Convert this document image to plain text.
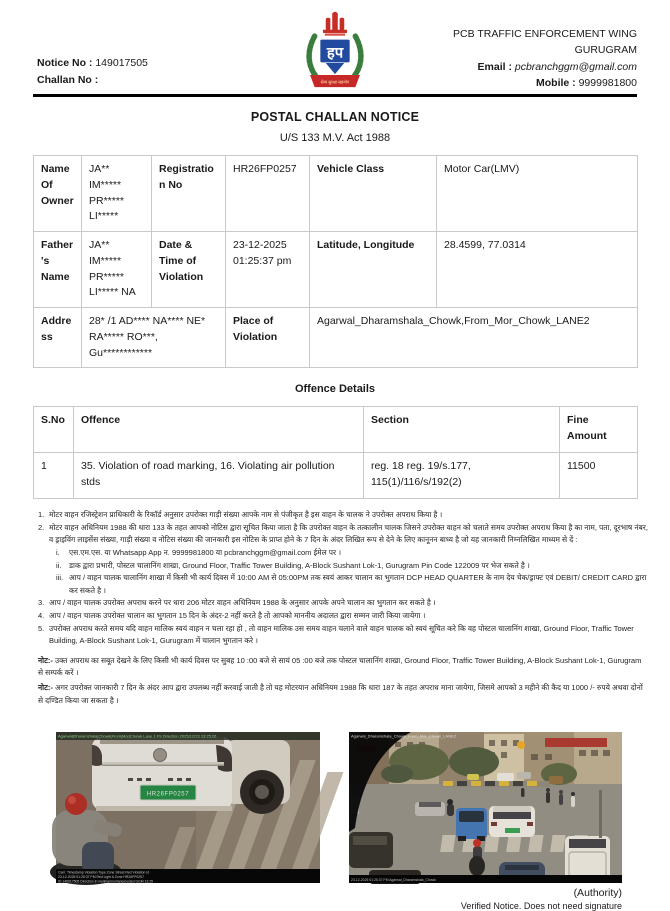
Notice No : 149017505
Challan No :
हप
सेवा सुरक्षा सहयोग
PCB TRAFFIC ENFORCEMENT WING
GURUGRAM
Email : pcbranchggm@gmail.com
Mobile : 9999981800
POSTAL CHALLAN NOTICE
U/S 133 M.V. Act 1988
Name Of Owner	JA** IM***** PR***** LI*****	Registration No	HR26FP0257	Vehicle Class	Motor Car(LMV)
Father's Name	JA** IM***** PR***** LI***** NA	Date & Time of Violation	23-12-2025 01:25:37 pm	Latitude, Longitude	28.4599, 77.0314
Address	28* /1 AD**** NA**** NE* RA***** RO***, Gu************		Place of Violation	Agarwal_Dharamshala_Chowk,From_Mor_Chowk_LANE2	
Offence Details
S.No	Offence	Section	Fine Amount
1	35. Violation of road marking, 16. Violating air pollution stds	reg. 18 reg. 19/s.177, 115(1)/116/s/192(2)	11500
1. मोटर वाहन रजिस्ट्रेशन प्राधिकारी के रिकॉर्ड अनुसार उपरोक्त गाड़ी संख्या आपके नाम से पंजीकृत है इस वाहन के चालक ने उपरोक्त अपराध किया है ।
2. मोटर वाहन अधिनियम 1988 की धारा 133 के तहत आपको नोटिस द्वारा सूचित किया जाता है कि उपरोक्त वाहन के तत्कालीन चालक जिसने उपरोक्त वाहन को चलाते समय उपरोक्त अपराध किया है का नाम, पता, दूरभाष नंबर, व ड्राइविंग लाइसेंस संख्या, गाड़ी संख्या व नोटिस संख्या की जानकारी इस नोटिस के प्राप्त होने के 7 दिन के अंदर लिखित रूप से देने के लिए कानूनन बाध्य है जो यह जानकारी निम्नलिखित माध्यम से दें :
i.	एस.एम.एस. या Whatsapp App न. 9999981800 या pcbranchggm@gmail.com ईमेल पर ।
ii.	डाक द्वारा प्रभारी, पोस्टल चालानिंग शाखा, Ground Floor, Traffic Tower Building, A-Block Sushant Lok-1, Gurugram Pin Code 122009 पर भेज सकते है ।
iii. आप / वाहन चालक चालानिंग शाखा में किसी भी कार्य दिवस में 10:00 AM से 05:00PM तक स्वयं आकर चालान का भुगतान DCP HEAD QUARTER के नाम देय चेक/ड्राफ्ट एवं DEBIT/ CREDIT CARD द्वारा कर सकते है ।
3. आप / वाहन चालक उपरोक्त अपराध करने पर धारा 206 मोटर वाहन अधिनियम 1988 के अनुसार आपके अपने चालान का भुगतान कर सकते है ।
4. आप / वाहन चालक उपरोक्त चालान का भुगतान 15 दिन के अंदर-2 नहीं करते है तो आपको माननीय अदालत द्वारा सम्मन जारी किया जायेगा ।
5. उपरोक्त अपराध करते समय यदि वाहन मालिक स्वयं वाहन न चला रहा हो , तो वाहन मालिक उस समय वाहन चलाने वाले वाहन चालक को स्वयं सूचित करे कि वह पोस्टल चालानिंग शाखा, Ground Floor, Traffic Tower Building, A-Block Sushant Lok-1, Gurugram में चालान भुगतान करे ।
नोट:- उक्त अपराध का सबूत देखने के लिए किसी भी कार्य दिवस पर सुबह 10 :00 बजे से सायं 05 :00 बजे तक पोस्टल चालानिंग शाखा, Ground Floor, Traffic Tower Building, A-Block Sushant Lok-1, Gurugram से सम्पर्क करें ।
नोट:- अगर उपरोक्त जानकारी 7 दिन के अंदर आप द्वारा उपलब्ध नहीं करवाई जाती है तो यह मोटरयान अधिनियम 1988 कि धारा 187 के तहत अपराध माना जायेगा, जिसमे आपको 3 महीने की कैद या 1000 /- रुपये अथवा दोनों से दण्डित किया जा सकता है ।
HR26FP0257
Agarwal|Dharamshala|Chowk|From|Mor|Chowk Lane 1 FS Direction 2025/12/23 13:25:26
Cam: Timestamp Violation Type Zone Street Red Violation Id
23-12-2025 01:25:37 PM Red Light A Zone HR26FP0257
ID 149017505 Direction In my/img/mor/lane/posted GGM 13:25
Agarwal_Dharamshala_Chowk_From_Mor_Chowk_LANE2
23-12-2025 01:25:37 PM Agarwal_Dharamshala_Chowk
(Authority)
Verified Notice. Does not need signature
